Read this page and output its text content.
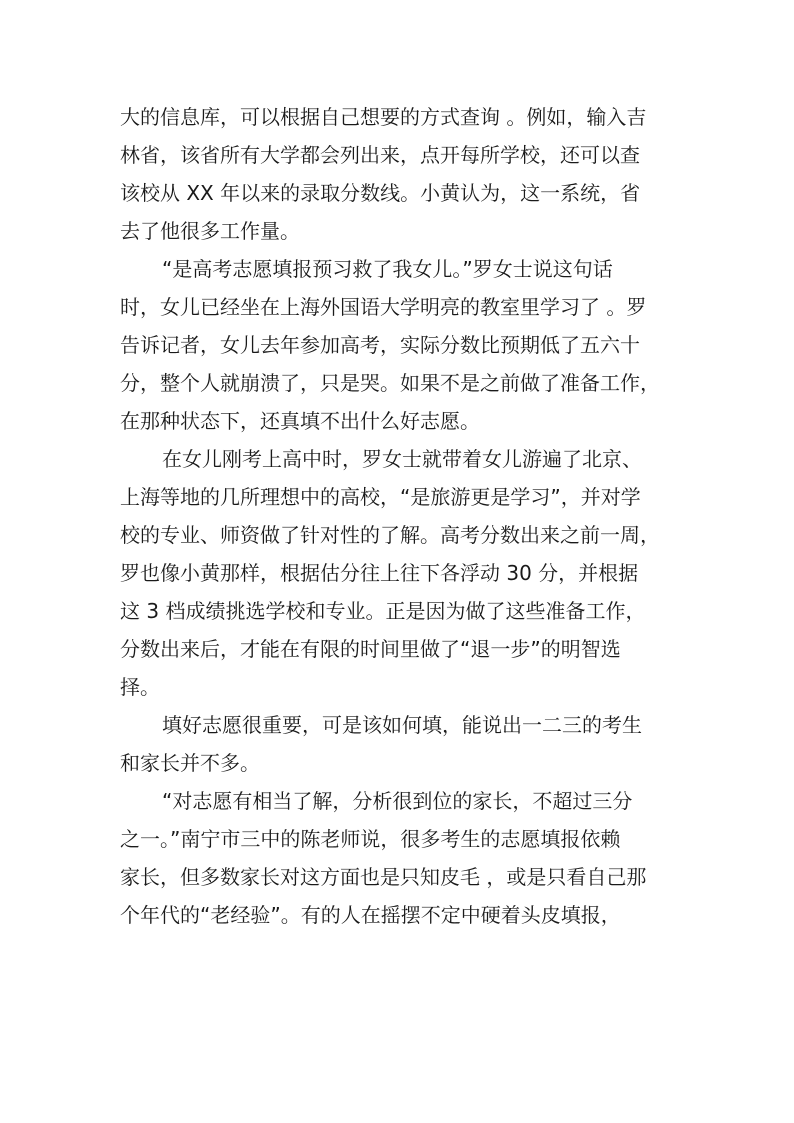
大的信息库，可以根据自己想要的方式查询 。例如，输入吉
林省，该省所有大学都会列出来，点开每所学校，还可以查
该校从 XX 年以来的录取分数线。小黄认为，这一系统，省
去了他很多工作量。
“是高考志愿填报预习救了我女儿。”罗女士说这句话
时，女儿已经坐在上海外国语大学明亮的教室里学习了 。罗
告诉记者，女儿去年参加高考，实际分数比预期低了五六十
分，整个人就崩溃了，只是哭。如果不是之前做了准备工作，
在那种状态下，还真填不出什么好志愿。
在女儿刚考上高中时，罗女士就带着女儿游遍了北京、
上海等地的几所理想中的高校，“是旅游更是学习”，并对学
校的专业、师资做了针对性的了解。高考分数出来之前一周，
罗也像小黄那样，根据估分往上往下各浮动 30 分，并根据
这 3 档成绩挑选学校和专业。正是因为做了这些准备工作，
分数出来后，才能在有限的时间里做了“退一步”的明智选
择。
填好志愿很重要，可是该如何填，能说出一二三的考生
和家长并不多。
“对志愿有相当了解，分析很到位的家长，不超过三分
之一。”南宁市三中的陈老师说，很多考生的志愿填报依赖
家长，但多数家长对这方面也是只知皮毛 ，或是只看自己那
个年代的“老经验”。有的人在摇摆不定中硬着头皮填报，
